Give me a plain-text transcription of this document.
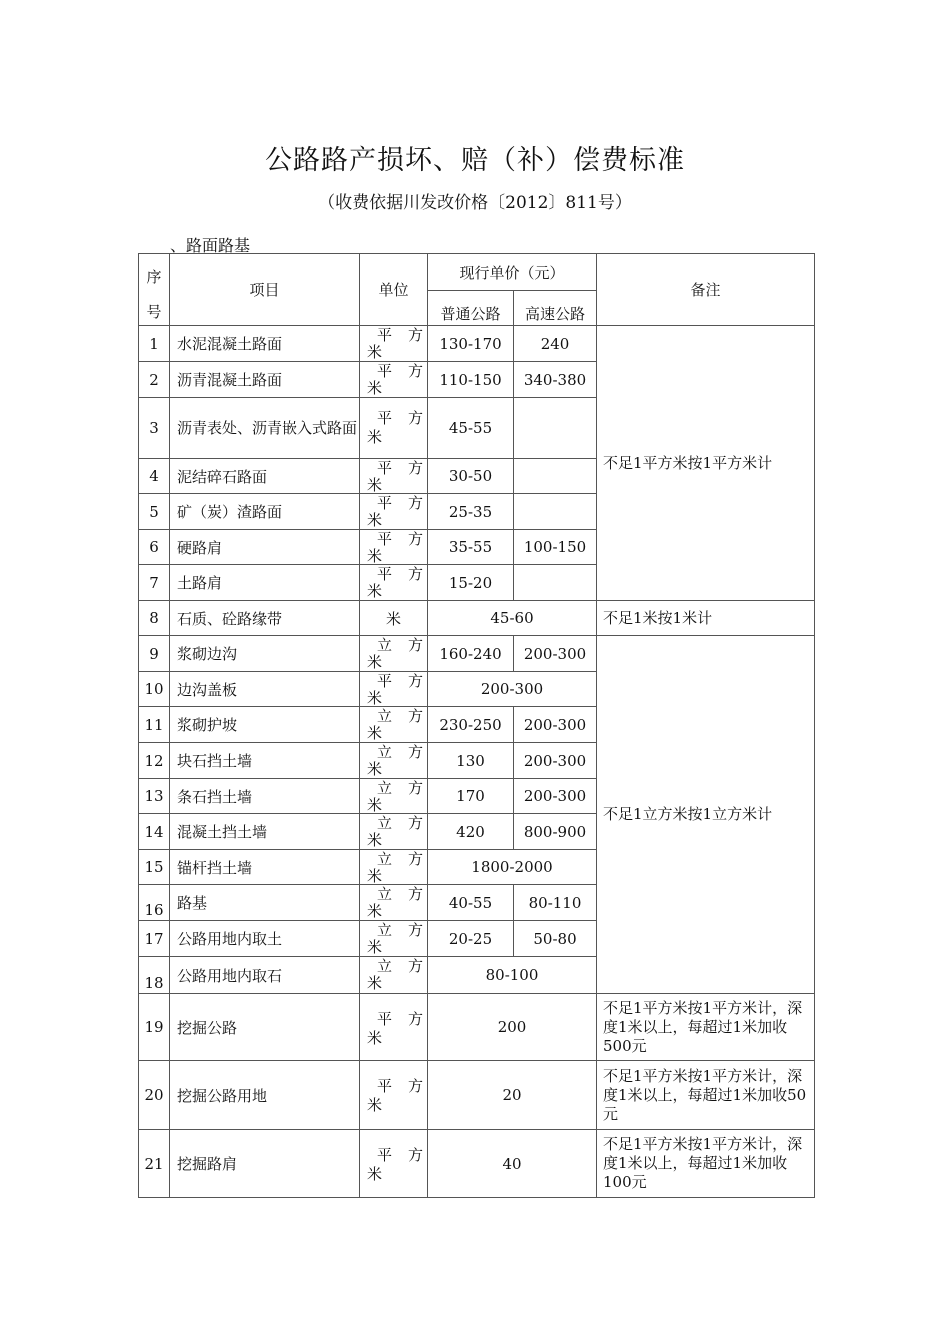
公路路产损坏、赔（补）偿费标准
（收费依据川发改价格〔2012〕811号）
、路面路基
序
号	项目	单位	现行单价（元）		备注
			普通公路	高速公路	
1	水泥混凝土路面	平 方
米	130-170	240	不足1平方米按1平方米计
2	沥青混凝土路面	平 方
米	110-150	340-380	
3	沥青表处、沥青嵌入式路面	平 方
米	45-55		
4	泥结碎石路面	平 方
米	30-50		
5	矿（炭）渣路面	平 方
米	25-35		
6	硬路肩	平 方
米	35-55	100-150	
7	土路肩	平 方
米	15-20		
8	石质、砼路缘带	米	45-60		不足1米按1米计
9	浆砌边沟	立 方
米	160-240	200-300	不足1立方米按1立方米计
10	边沟盖板	平 方
米	200-300		
11	浆砌护坡	立 方
米	230-250	200-300	
12	块石挡土墙	立 方
米	130	200-300	
13	条石挡土墙	立 方
米	170	200-300	
14	混凝土挡土墙	立 方
米	420	800-900	
15	锚杆挡土墙	立 方
米	1800-2000		
16	路基	立 方
米	40-55	80-110	
17	公路用地内取土	立 方
米	20-25	50-80	
18	公路用地内取石	立 方
米	80-100		
19	挖掘公路	平 方
米	200		不足1平方米按1平方米计，深度1米以上，每超过1米加收500元
20	挖掘公路用地	平 方
米	20		不足1平方米按1平方米计，深度1米以上，每超过1米加收50元
21	挖掘路肩	平 方
米	40		不足1平方米按1平方米计，深度1米以上，每超过1米加收100元
